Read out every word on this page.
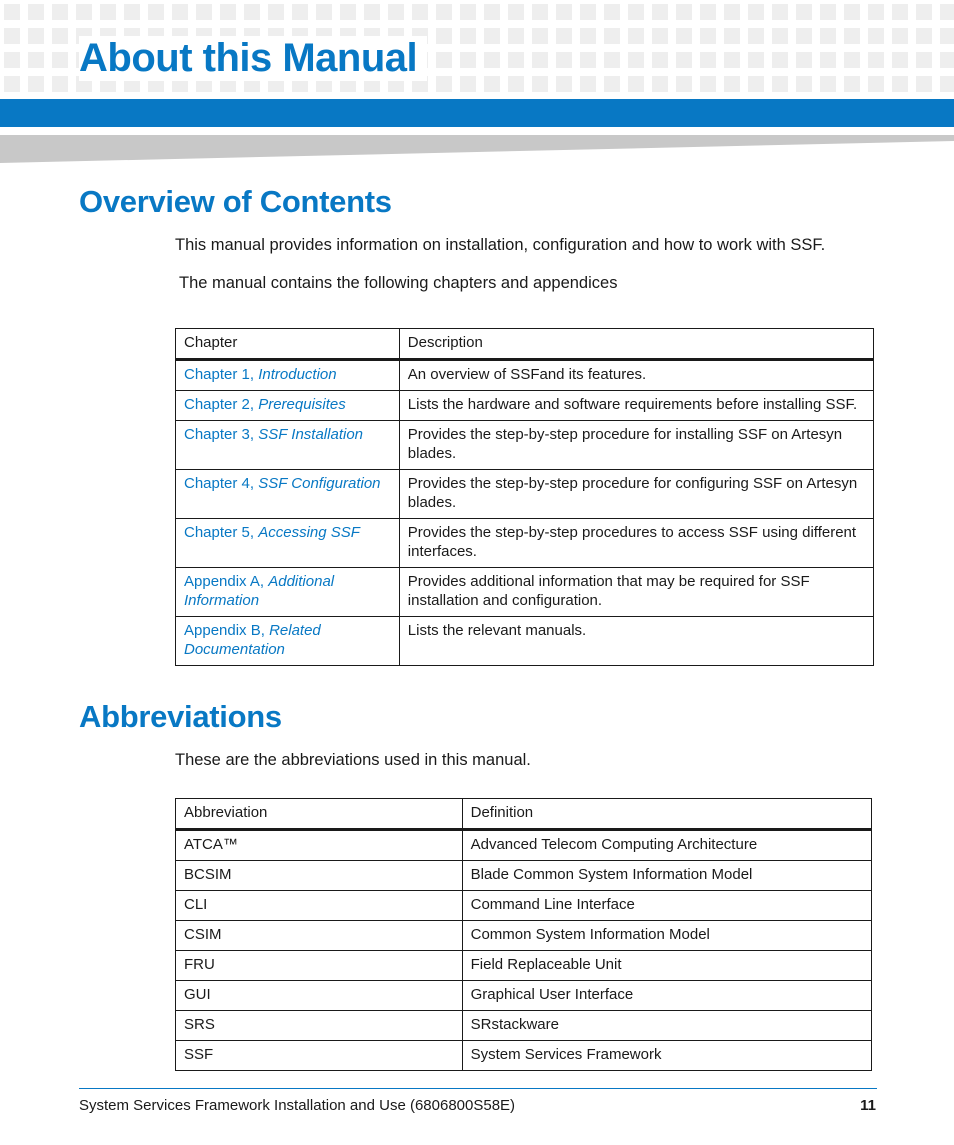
About this Manual
Overview of Contents

This manual provides information on installation, configuration and how to work with SSF.

The manual contains the following chapters and appendices

Chapter	Description
Chapter 1, Introduction	An overview of SSFand its features.
Chapter 2, Prerequisites	Lists the hardware and software requirements before installing SSF.
Chapter 3, SSF Installation	Provides the step-by-step procedure for installing SSF on Artesyn blades.
Chapter 4, SSF Configuration	Provides the step-by-step procedure for configuring SSF on Artesyn blades.
Chapter 5, Accessing SSF	Provides the step-by-step procedures to access SSF using different interfaces.
Appendix A, Additional Information	Provides additional information that may be required for SSF installation and configuration.
Appendix B, Related Documentation	Lists the relevant manuals.
Abbreviations

These are the abbreviations used in this manual.

Abbreviation	Definition
ATCA™	Advanced Telecom Computing Architecture
BCSIM	Blade Common System Information Model
CLI	Command Line Interface
CSIM	Common System Information Model
FRU	Field Replaceable Unit
GUI	Graphical User Interface
SRS	SRstackware
SSF	System Services Framework
System Services Framework Installation and Use (6806800S58E)	11
